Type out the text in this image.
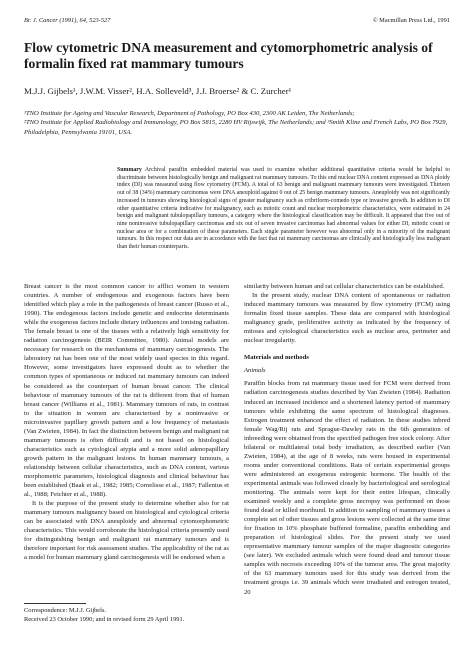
Br. J. Cancer (1991), 64, 523-527	© Macmillan Press Ltd., 1991
Flow cytometric DNA measurement and cytomorphometric analysis of formalin fixed rat mammary tumours
M.J.J. Gijbels¹, J.W.M. Visser², H.A. Solleveld³, J.J. Broerse² & C. Zurcher¹

¹TNO Institute for Ageing and Vascular Research, Department of Pathology, PO Box 430, 2300 AK Leiden, The Netherlands;

²TNO Institute for Applied Radiobiology and Immunology, PO Box 5815, 2280 HV Rijswijk, The Netherlands; and ³Smith Kline and French Labs, PO Box 7929, Philadelphia, Pennsylvania 19101, USA.

Summary Archival paraffin embedded material was used to examine whether additional quantitative criteria would be helpful to discriminate between histologically benign and malignant rat mammary tumours. To this end nuclear DNA content expressed as DNA ploidy index (DI) was measured using flow cytometry (FCM). A total of 63 benign and malignant mammary tumours were investigated. Thirteen out of 38 (34%) mammary carcinomas were DNA aneuploid against 0 out of 25 benign mammary tumours. Aneuploidy was not significantly increased in tumours showing histological signs of greater malignancy such as cribriform-comedo type or invasive growth. In addition to DI other quantitative criteria indicative for malignancy, such as mitotic count and nuclear morphometric characteristics, were estimated in 24 benign and malignant tubulopapillary tumours, a category where the histological classification may be difficult. It appeared that five out of nine noninvasive tubulopapillary carcinomas and six out of seven invasive carcinomas had abnormal values for either DI, mitotic count or nuclear area or for a combination of these parameters. Each single parameter however was abnormal only in a minority of the malignant tumours. In this respect our data are in accordance with the fact that rat mammary carcinomas are clinically and histologically less malignant than their human counterparts.

Breast cancer is the most common cancer to afflict women in western countries. A number of endogenous and exogenous factors have been identified which play a role in the pathogenesis of breast cancer (Russo et al., 1990). The endogenous factors include genetic and endocrine determinants while the exogenous factors include dietary influences and ionising radiation. The female breast is one of the tissues with a relatively high sensitivity for radiation carcinogenesis (BEIR Committee, 1980). Animal models are necessary for research on the mechanisms of mammary carcinogenesis. The laboratory rat has been one of the most widely used species in this regard. However, some investigators have expressed doubt as to whether the common types of spontaneous or induced rat mammary tumours can indeed be considered as the counterpart of human breast cancer. The clinical behaviour of mammary tumours of the rat is different from that of human breast cancer (Williams et al., 1981). Mammary tumours of rats, in contrast to the situation in women are characterised by a noninvasive or microinvasive papillary growth pattern and a low frequency of metastasis (Van Zwieten, 1984). In fact the distinction between benign and malignant rat mammary tumours is often difficult and is not based on histological characteristics such as cytological atypia and a more solid adenopapillary growth pattern in the malignant lesions. In human mammary tumours, a relationship between cellular characteristics, such as DNA content, various morphometric parameters, histological diagnosis and clinical behaviour has been established (Baak et al., 1982; 1985; Cornelisse et al., 1987; Fallenius et al., 1988; Feichter et al., 1988).

It is the purpose of the present study to determine whether also for rat mammary tumours malignancy based on histological and cytological criteria can be associated with DNA aneuploidy and abnormal cytomorphometric characteristics. This would corroborate the histological criteria presently used for distinguishing benign and malignant rat mammary tumours and is therefore important for risk assessment studies. The applicability of the rat as a model for human mammary gland carcinogenesis will be endorsed when a

similarity between human and rat cellular characteristics can be established.

In the present study, nuclear DNA content of spontaneous or radiation induced mammary tumours was measured by flow cytometry (FCM) using formalin fixed tissue samples. These data are compared with histological malignancy grade, proliferative activity as indicated by the frequency of mitoses and cytological characteristics such as nuclear area, perimeter and nuclear irregularity.

Materials and methods

Animals

Paraffin blocks from rat mammary tissue used for FCM were derived from radiation carcinogenesis studies described by Van Zwieten (1984). Radiation induced an increased incidence and a shortened latency period of mammary tumours while exhibiting the same spectrum of histological diagnoses. Estrogen treatment enhanced the effect of radiation. In these studies inbred female Wag/Rij rats and Sprague-Dawley rats in the 6th generation of inbreeding were obtained from the specified pathogen free stock colony. After bilateral or multilateral total body irradiation, as described earlier (Van Zwieten, 1984), at the age of 8 weeks, rats were housed in experimental rooms under conventional conditions. Rats of certain experimental groups were administered an exogenous estrogenic hormone. The health of the experimental animals was followed closely by bacteriological and serological monitoring. The animals were kept for their entire lifespan, clinically examined weekly and a complete gross necropsy was performed on those found dead or killed moribund. In addition to sampling of mammary tissues a complete set of other tissues and gross lesions were collected at the same time for fixation in 10% phosphate buffered formaline, paraffin embedding and preparation of histological slides. For the present study we used representative mammary tumour samples of the major diagnostic categories (see later). We excluded animals which were found dead and tumour tissue samples with necrosis exceeding 10% of the tumour area. The great majority of the 63 mammary tumours used for this study was derived from the treatment groups i.e. 39 animals which were irradiated and estrogen treated, 20

Correspondence: M.J.J. Gijbels.

Received 23 October 1990; and in revised form 29 April 1991.
